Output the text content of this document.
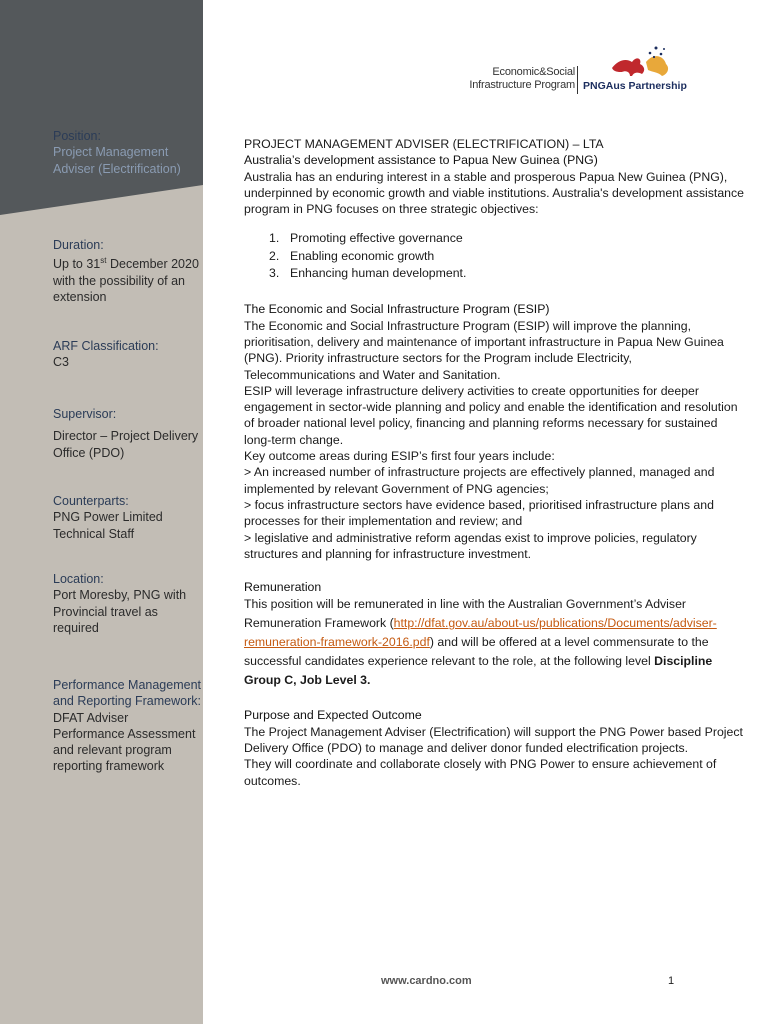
Position:
Project Management Adviser (Electrification)
Duration:
Up to 31st December 2020 with the possibility of an extension
ARF Classification:
C3
Supervisor:
Director – Project Delivery Office (PDO)
Counterparts:
PNG Power Limited Technical Staff
Location:
Port Moresby, PNG with Provincial travel as required
Performance Management and Reporting Framework:
DFAT Adviser Performance Assessment and relevant program reporting framework
Economic&Social
Infrastructure Program PNGAus Partnership

PROJECT MANAGEMENT ADVISER (ELECTRIFICATION) – LTA

Australia’s development assistance to Papua New Guinea (PNG)

Australia has an enduring interest in a stable and prosperous Papua New Guinea (PNG), underpinned by economic growth and viable institutions. Australia's development assistance program in PNG focuses on three strategic objectives:

1. Promoting effective governance
2. Enabling economic growth
3. Enhancing human development.

The Economic and Social Infrastructure Program (ESIP)

The Economic and Social Infrastructure Program (ESIP) will improve the planning, prioritisation, delivery and maintenance of important infrastructure in Papua New Guinea (PNG). Priority infrastructure sectors for the Program include Electricity, Telecommunications and Water and Sanitation.

ESIP will leverage infrastructure delivery activities to create opportunities for deeper engagement in sector-wide planning and policy and enable the identification and resolution of broader national level policy, financing and planning reforms necessary for sustained long-term change.

Key outcome areas during ESIP’s first four years include:

> An increased number of infrastructure projects are effectively planned, managed and implemented by relevant Government of PNG agencies;

> focus infrastructure sectors have evidence based, prioritised infrastructure plans and processes for their implementation and review; and

> legislative and administrative reform agendas exist to improve policies, regulatory structures and planning for infrastructure investment.

Remuneration

This position will be remunerated in line with the Australian Government’s Adviser Remuneration Framework (http://dfat.gov.au/about-us/publications/Documents/adviser-remuneration-framework-2016.pdf) and will be offered at a level commensurate to the successful candidates experience relevant to the role, at the following level Discipline Group C, Job Level 3.

Purpose and Expected Outcome

The Project Management Adviser (Electrification) will support the PNG Power based Project Delivery Office (PDO) to manage and deliver donor funded electrification projects.

They will coordinate and collaborate closely with PNG Power to ensure achievement of outcomes.

www.cardno.com	1
